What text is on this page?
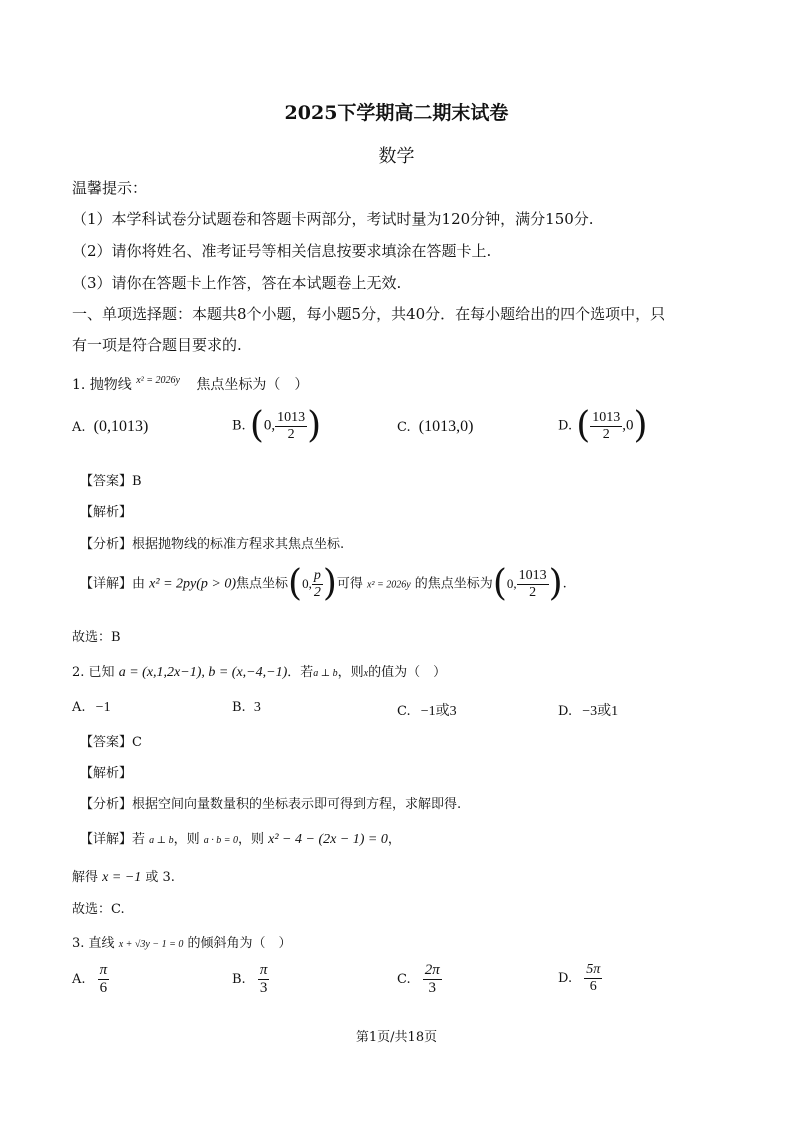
2025下学期高二期末试卷
数学
温馨提示：
（1）本学科试卷分试题卷和答题卡两部分，考试时量为120分钟，满分150分.
（2）请你将姓名、准考证号等相关信息按要求填涂在答题卡上.
（3）请你在答题卡上作答，答在本试题卷上无效.
一、单项选择题：本题共8个小题，每小题5分，共40分．在每小题给出的四个选项中，只
有一项是符合题目要求的.
1. 抛物线 $^{x^2 = 2026y}$ 焦点坐标为（　）
A. (0,1013)	B. (0, $\frac{1013}{2}$ )	C. (1013,0)	D. ( $\frac{1013}{2} ,0$)
【答案】B
【解析】
【分析】根据抛物线的标准方程求其焦点坐标.
【详解】由 x² = 2py(p > 0)焦点坐标(0, $\frac{p}{2}$ )可得 x² = 2026y 的焦点坐标为(0, $\frac{1013}{2}$ ).
故选：B
2. 已知 a = (x,1,2x−1), b = (x,−4,−1)．若a ⊥ b，则x的值为（　）
A. −1	B. 3	C. −1或3	D. −3或1
【答案】C
【解析】
【分析】根据空间向量数量积的坐标表示即可得到方程，求解即得.
【详解】若 a ⊥ b，则 a · b = 0，则 x² − 4 − (2x − 1) = 0，
解得 x = −1 或 3.
故选：C.
3. 直线 x + √3y − 1 = 0 的倾斜角为（　）
A. $\frac{\pi}{6}$	B. $\frac{\pi}{3}$	C. $\frac{2\pi}{3}$	D. $\frac{5\pi}{6}$
第1页/共18页
